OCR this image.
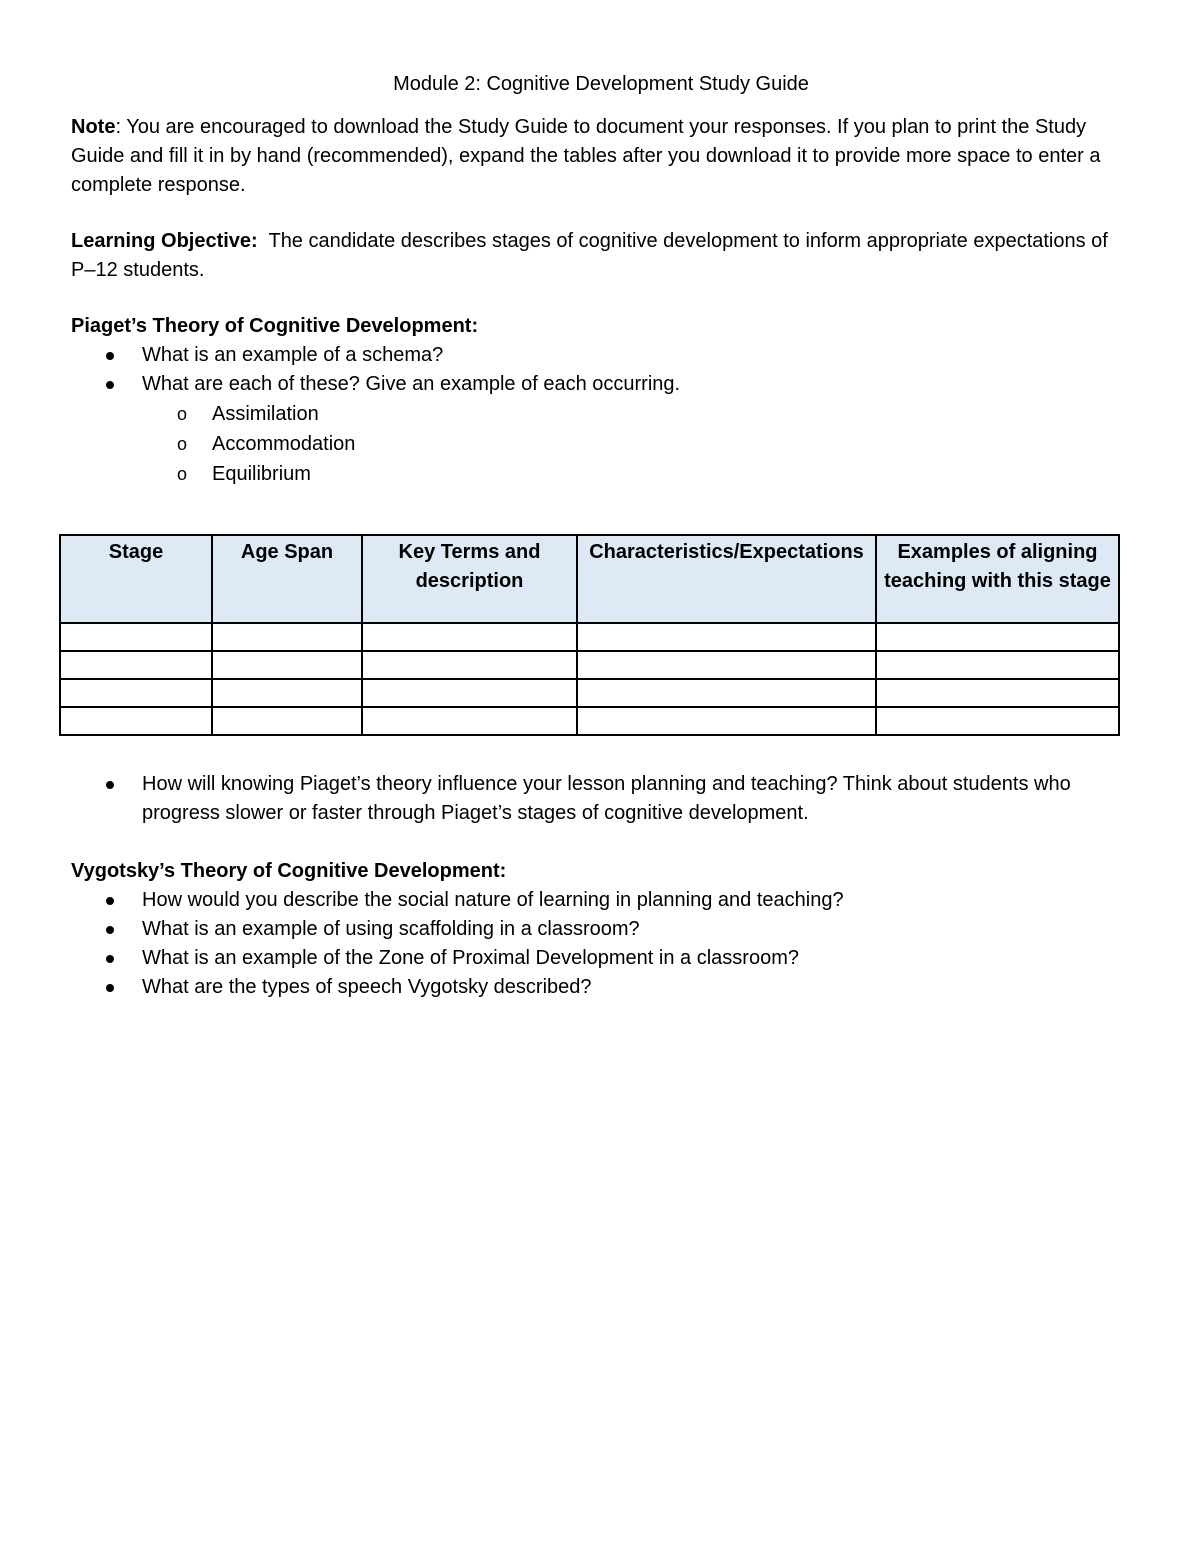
Module 2: Cognitive Development Study Guide

Note: You are encouraged to download the Study Guide to document your responses. If you plan to print the Study Guide and fill it in by hand (recommended), expand the tables after you download it to provide more space to enter a complete response.

Learning Objective:  The candidate describes stages of cognitive development to inform appropriate expectations of P–12 students.

Piaget’s Theory of Cognitive Development:

What is an example of a schema?
What are each of these? Give an example of each occurring.
o Assimilation
o Accommodation
o Equilibrium
Stage	Age Span	Key Terms and description	Characteristics/Expectations	Examples of aligning teaching with this stage

How will knowing Piaget’s theory influence your lesson planning and teaching? Think about students who progress slower or faster through Piaget’s stages of cognitive development.

Vygotsky’s Theory of Cognitive Development:

How would you describe the social nature of learning in planning and teaching?
What is an example of using scaffolding in a classroom?
What is an example of the Zone of Proximal Development in a classroom?
What are the types of speech Vygotsky described?
